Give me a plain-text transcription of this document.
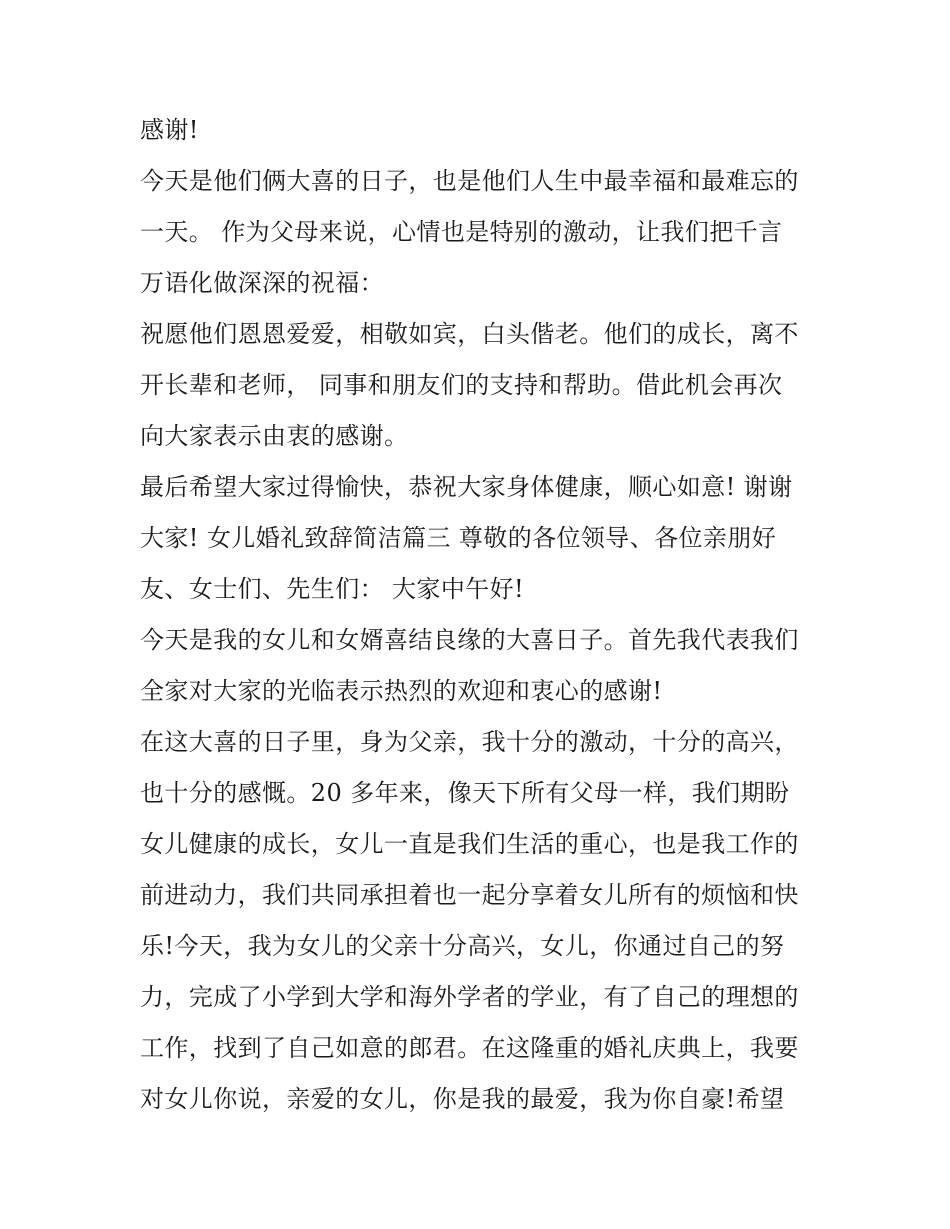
感谢!
今天是他们俩大喜的日子，也是他们人生中最幸福和最难忘的
一天。 作为父母来说，心情也是特别的激动，让我们把千言
万语化做深深的祝福：
祝愿他们恩恩爱爱，相敬如宾，白头偕老。他们的成长，离不
开长辈和老师， 同事和朋友们的支持和帮助。借此机会再次
向大家表示由衷的感谢。
最后希望大家过得愉快，恭祝大家身体健康，顺心如意! 谢谢
大家! 女儿婚礼致辞简洁篇三 尊敬的各位领导、各位亲朋好
友、女士们、先生们： 大家中午好!
今天是我的女儿和女婿喜结良缘的大喜日子。首先我代表我们
全家对大家的光临表示热烈的欢迎和衷心的感谢!
在这大喜的日子里，身为父亲，我十分的激动，十分的高兴，
也十分的感慨。20 多年来，像天下所有父母一样，我们期盼
女儿健康的成长，女儿一直是我们生活的重心，也是我工作的
前进动力，我们共同承担着也一起分享着女儿所有的烦恼和快
乐!今天，我为女儿的父亲十分高兴，女儿，你通过自己的努
力，完成了小学到大学和海外学者的学业，有了自己的理想的
工作，找到了自己如意的郎君。在这隆重的婚礼庆典上，我要
对女儿你说，亲爱的女儿，你是我的最爱，我为你自豪!希望
